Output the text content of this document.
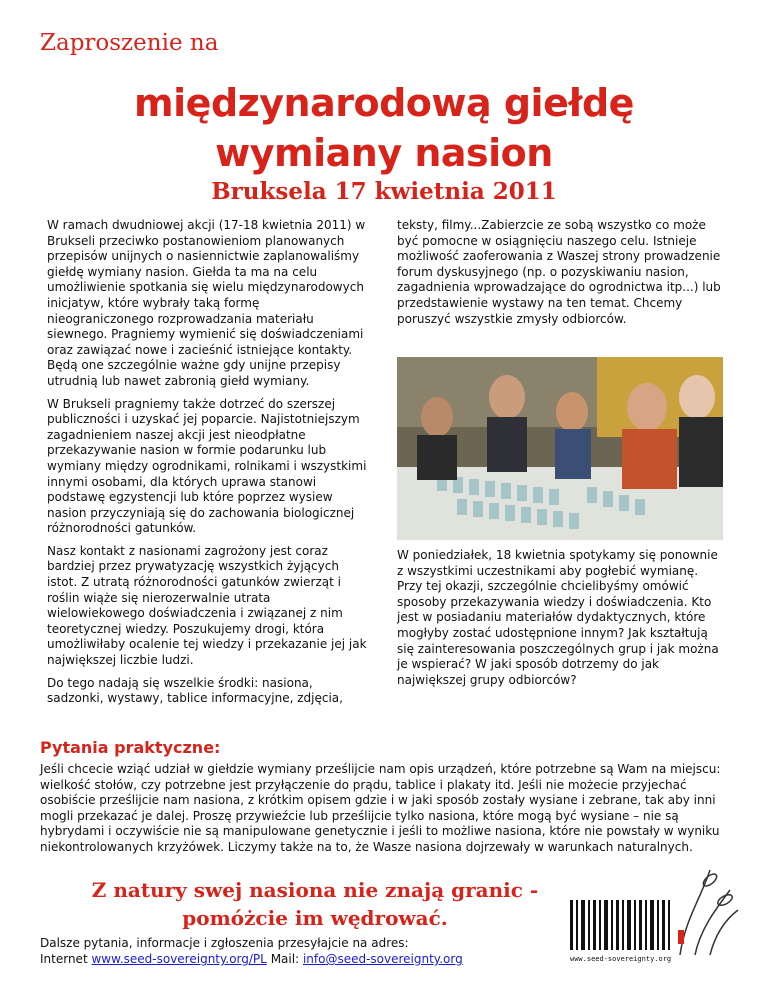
Zaproszenie na
międzynarodową giełdę
wymiany nasion
Bruksela 17 kwietnia 2011

W ramach dwudniowej akcji (17-18 kwietnia 2011) w Brukseli przeciwko postanowieniom planowanych przepisów unijnych o nasiennictwie zaplanowaliśmy giełdę wymiany nasion. Giełda ta ma na celu umożliwienie spotkania się wielu międzynarodowych inicjatyw, które wybrały taką formę nieograniczonego rozprowadzania materiału siewnego. Pragniemy wymienić się doświadczeniami oraz zawiązać nowe i zacieśnić istniejące kontakty. Będą one szczególnie ważne gdy unijne przepisy utrudnią lub nawet zabronią giełd wymiany.

W Brukseli pragniemy także dotrzeć do szerszej publiczności i uzyskać jej poparcie. Najistotniejszym zagadnieniem naszej akcji jest nieodpłatne przekazywanie nasion w formie podarunku lub wymiany między ogrodnikami, rolnikami i wszystkimi innymi osobami, dla których uprawa stanowi podstawę egzystencji lub które poprzez wysiew nasion przyczyniają się do zachowania biologicznej różnorodności gatunków.

Nasz kontakt z nasionami zagrożony jest coraz bardziej przez prywatyzację wszystkich żyjących istot. Z utratą różnorodności gatunków zwierząt i roślin wiąże się nierozerwalnie utrata wielowiekowego doświadczenia i związanej z nim teoretycznej wiedzy. Poszukujemy drogi, która umożliwiłaby ocalenie tej wiedzy i przekazanie jej jak największej liczbie ludzi.

Do tego nadają się wszelkie środki: nasiona, sadzonki, wystawy, tablice informacyjne, zdjęcia,

teksty, filmy...Zabierzcie ze sobą wszystko co może być pomocne w osiągnięciu naszego celu. Istnieje możliwość zaoferowania z Waszej strony prowadzenie forum dyskusyjnego (np. o pozyskiwaniu nasion, zagadnienia wprowadzające do ogrodnictwa itp...) lub przedstawienie wystawy na ten temat. Chcemy poruszyć wszystkie zmysły odbiorców.

W poniedziałek, 18 kwietnia spotykamy się ponownie z wszystkimi uczestnikami aby pogłebić wymianę. Przy tej okazji, szczególnie chcielibyśmy omówić sposoby przekazywania wiedzy i doświadczenia. Kto jest w posiadaniu materiałów dydaktycznych, które mogłyby zostać udostępnione innym? Jak kształtują się zainteresowania poszczególnych grup i jak można je wspierać? W jaki sposób dotrzemy do jak największej grupy odbiorców?

Pytania praktyczne:
Jeśli chcecie wziąć udział w giełdzie wymiany prześlijcie nam opis urządzeń, które potrzebne są Wam na miejscu: wielkość stołów, czy potrzebne jest przyłączenie do prądu, tablice i plakaty itd. Jeśli nie możecie przyjechać osobiście prześlijcie nam nasiona, z krótkim opisem gdzie i w jaki sposób zostały wysiane i zebrane, tak aby inni mogli przekazać je dalej. Proszę przywieźcie lub prześlijcie tylko nasiona, które mogą być wysiane – nie są hybrydami i oczywiście nie są manipulowane genetycznie i jeśli to możliwe nasiona, które nie powstały w wyniku niekontrolowanych krzyżówek. Liczymy także na to, że Wasze nasiona dojrzewały w warunkach naturalnych.
Z natury swej nasiona nie znają granic -
pomóżcie im wędrować.
Dalsze pytania, informacje i zgłoszenia przesyłajcie na adres:
Internet www.seed-sovereignty.org/PL Mail: info@seed-sovereignty.org	www.seed-sovereignty.org
